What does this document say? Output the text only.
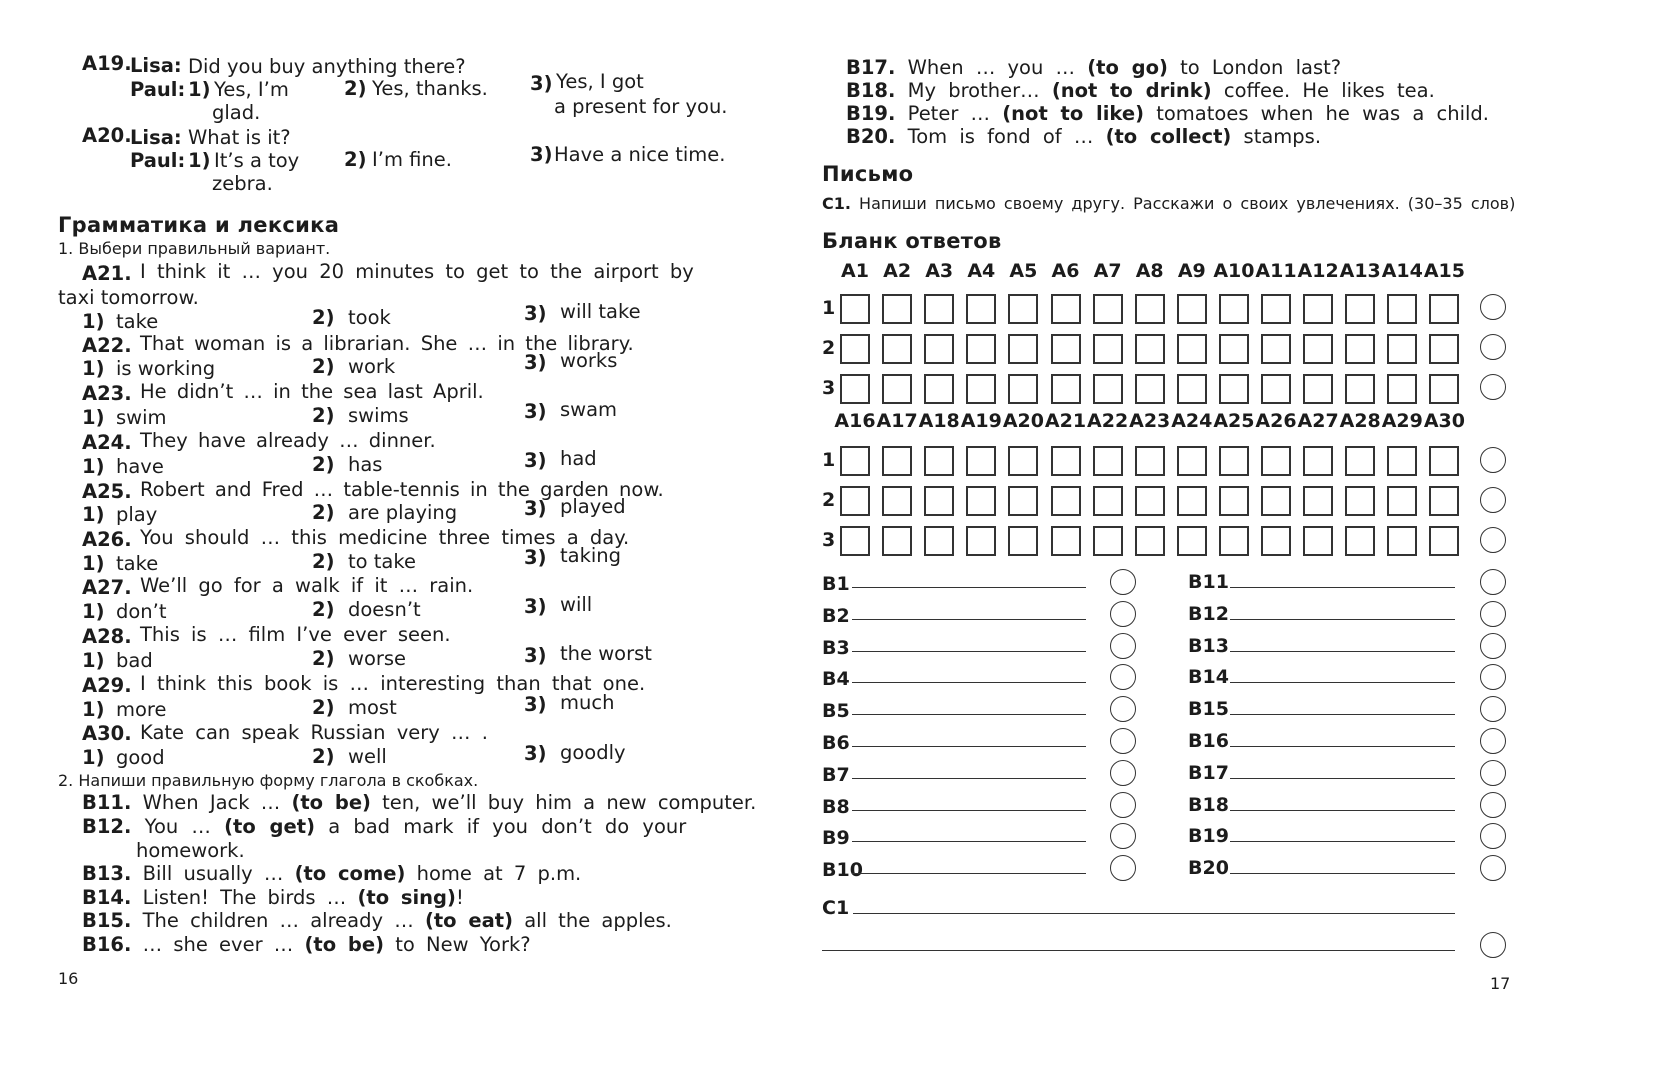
A19.
Lisa: Did you buy anything there?
Paul: 1) Yes, I’m
glad.
2) Yes, thanks. 3) Yes, I got
a present for you.
A20.
Lisa: What is it?
Paul: 1) It’s a toy
zebra.
2) I’m fine.	3) Have a nice time.
Грамматика и лексика
1. Выбери правильный вариант.
A21. I think it … you 20 minutes to get to the airport by
taxi tomorrow.
1) take	2) took	3) will take
A22. That woman is a librarian. She … in the library.
1) is working	2) work	3) works
A23. He didn’t … in the sea last April.
1) swim	2) swims	3) swam
A24. They have already … dinner.
1) have	2) has	3) had
A25. Robert and Fred … table-tennis in the garden now.
1) play	2) are playing	3) played
A26. You should … this medicine three times a day.
1) take	2) to take	3) taking
A27. We’ll go for a walk if it … rain.
1) don’t	2) doesn’t	3) will
A28. This is … film I’ve ever seen.
1) bad	2) worse	3) the worst
A29. I think this book is … interesting than that one.
1) more	2) most	3) much
A30. Kate can speak Russian very … .
1) good	2) well	3) goodly
2. Напиши правильную форму глагола в скобках.
B11. When Jack … (to be) ten, we’ll buy him a new computer.
B12. You … (to get) a bad mark if you don’t do your
homework.
B13. Bill usually … (to come) home at 7 p.m.
B14. Listen! The birds … (to sing)!
B15. The children … already … (to eat) all the apples.
B16. … she ever … (to be) to New York?
16
B17. When … you … (to go) to London last?
B18. My brother… (not to drink) coffee. He likes tea.
B19. Peter … (not to like) tomatoes when he was a child.
B20. Tom is fond of … (to collect) stamps.
Письмо
C1. Напиши письмо своему другу. Расскажи о своих увлечениях. (30–35 слов)
Бланк ответов
A1 A2 A3 A4 A5 A6 A7 A8 A9 A10 A11 A12 A13 A14 A15
1
2
3
A16 A17 A18 A19 A20 A21 A22 A23 A24 A25 A26 A27 A28 A29 A30
1
2
3
B1
B2
B3
B4
B5
B6
B7
B8
B9
B10
B11
B12
B13
B14
B15
B16
B17
B18
B19
B20
C1
17
